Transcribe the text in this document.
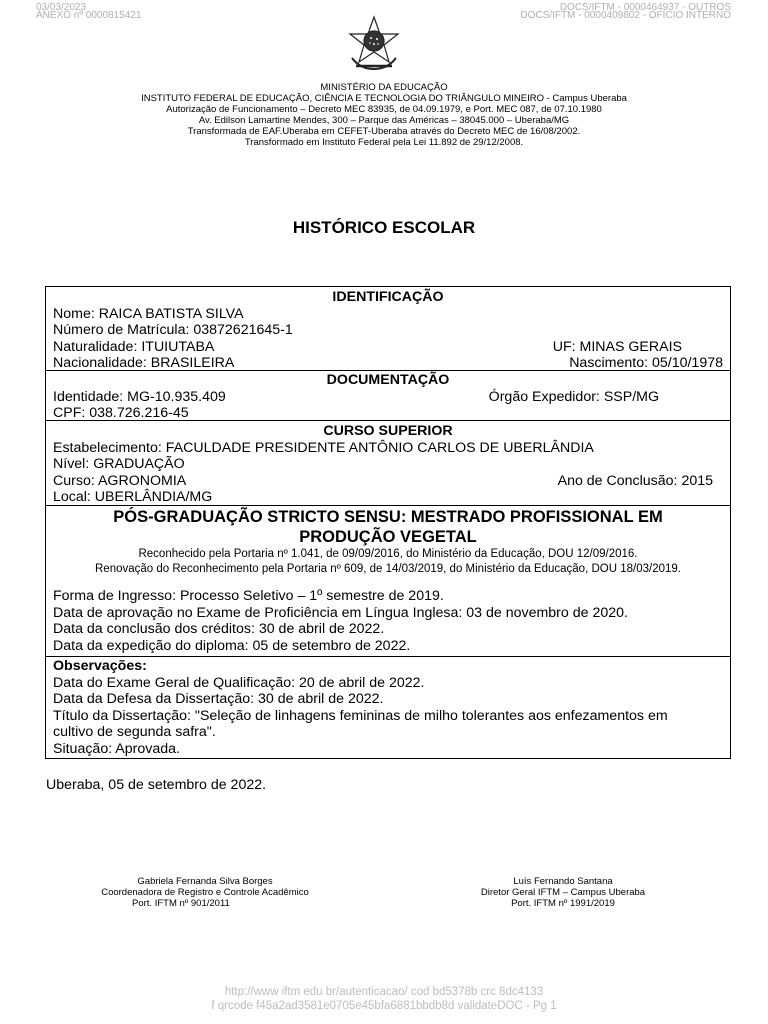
03/03/2023
ANEXO nº 0000815421
DOCS/IFTM - 0000464937 - OUTROS
DOCS/IFTM - 0000409802 - OFÍCIO INTERNO
MINISTÉRIO DA EDUCAÇÃO
INSTITUTO FEDERAL DE EDUCAÇÃO, CIÊNCIA E TECNOLOGIA DO TRIÂNGULO MINEIRO - Campus Uberaba
Autorização de Funcionamento – Decreto MEC 83935, de 04.09.1979, e Port. MEC 087, de 07.10.1980
Av. Edilson Lamartine Mendes, 300 – Parque das Américas – 38045.000 – Uberaba/MG
Transformada de EAF.Uberaba em CEFET-Uberaba através do Decreto MEC de 16/08/2002.
Transformado em Instituto Federal pela Lei 11.892 de 29/12/2008.
HISTÓRICO ESCOLAR
IDENTIFICAÇÃO
Nome: RAICA BATISTA SILVA
Número de Matrícula: 03872621645-1
Naturalidade: ITUIUTABA	UF: MINAS GERAIS
Nacionalidade: BRASILEIRA	Nascimento: 05/10/1978
DOCUMENTAÇÃO
Identidade: MG-10.935.409	Órgão Expedidor: SSP/MG
CPF: 038.726.216-45
CURSO SUPERIOR
Estabelecimento: FACULDADE PRESIDENTE ANTÔNIO CARLOS DE UBERLÂNDIA
Nível: GRADUAÇÃO
Curso: AGRONOMIA	Ano de Conclusão: 2015
Local: UBERLÂNDIA/MG
PÓS-GRADUAÇÃO STRICTO SENSU: MESTRADO PROFISSIONAL EM
PRODUÇÃO VEGETAL
Reconhecido pela Portaria nº 1.041, de 09/09/2016, do Ministério da Educação, DOU 12/09/2016.
Renovação do Reconhecimento pela Portaria nº 609, de 14/03/2019, do Ministério da Educação, DOU 18/03/2019.
Forma de Ingresso: Processo Seletivo – 1º semestre de 2019.
Data de aprovação no Exame de Proficiência em Língua Inglesa: 03 de novembro de 2020.
Data da conclusão dos créditos: 30 de abril de 2022.
Data da expedição do diploma: 05 de setembro de 2022.
Observações:
Data do Exame Geral de Qualificação: 20 de abril de 2022.
Data da Defesa da Dissertação: 30 de abril de 2022.
Título da Dissertação: "Seleção de linhagens femininas de milho tolerantes aos enfezamentos em
cultivo de segunda safra".
Situação: Aprovada.
Uberaba, 05 de setembro de 2022.
Gabriela Fernanda Silva Borges
Coordenadora de Registro e Controle Acadêmico
Port. IFTM nº 901/2011
Luís Fernando Santana
Diretor Geral IFTM – Campus Uberaba
Port. IFTM nº 1991/2019
http://www iftm edu br/autenticacao/ cod bd5378b crc 8dc4133
f qrcode f45a2ad3581e0705e45bfa6881bbdb8d validateDOC - Pg 1
